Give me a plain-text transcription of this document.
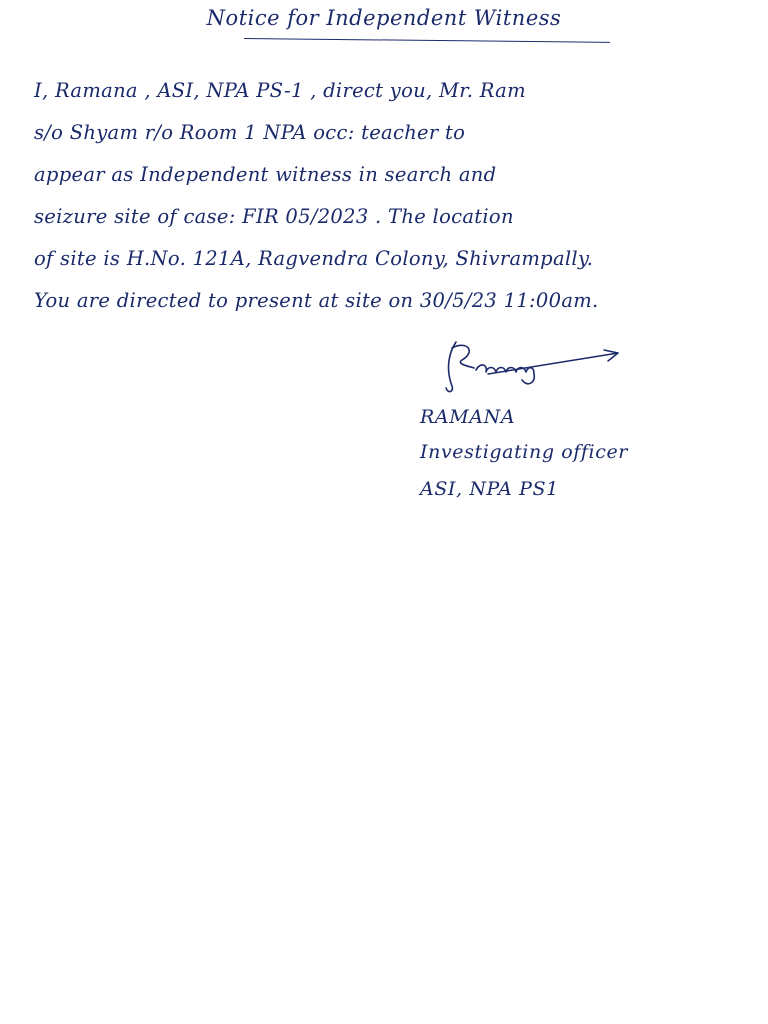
Notice for Independent Witness
I, Ramana , ASI, NPA PS-1 , direct you, Mr. Ram
s/o Shyam r/o Room 1 NPA occ: teacher to
appear as Independent witness in search and
seizure site of case: FIR 05/2023 . The location
of site is H.No. 121A, Ragvendra Colony, Shivrampally.
You are directed to present at site on 30/5/23 11:00am.
RAMANA
Investigating officer
ASI, NPA PS1
